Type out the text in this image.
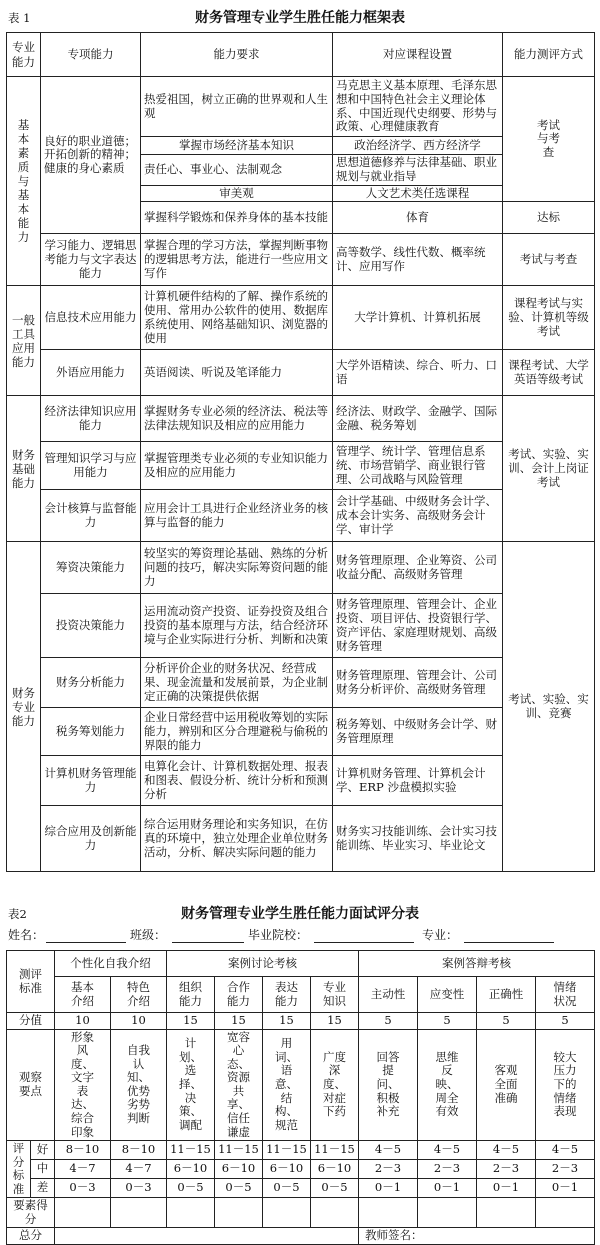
表 1	财务管理专业学生胜任能力框架表
专业能力	专项能力	能力要求	对应课程设置	能力测评方式

基本素质与基本能力	良好的职业道德；开拓创新的精神；健康的身心素质	热爱祖国，树立正确的世界观和人生观	马克思主义基本原理、毛泽东思想和中国特色社会主义理论体系、中国近现代史纲要、形势与政策、心理健康教育	考试与考查

		掌握市场经济基本知识	政治经济学、西方经济学	
		责任心、事业心、法制观念	思想道德修养与法律基础、职业规划与就业指导	
		审美观	人文艺术类任选课程	
		掌握科学锻炼和保养身体的基本技能	体育	达标
	学习能力、逻辑思考能力与文字表达能力	掌握合理的学习方法，掌握判断事物的逻辑思考方法，能进行一些应用文写作	高等数学、线性代数、概率统计、应用写作	考试与考查

一般工具应用能力	信息技术应用能力	计算机硬件结构的了解、操作系统的使用、常用办公软件的使用、数据库系统使用、网络基础知识、浏览器的使用	大学计算机、计算机拓展	课程考试与实验、计算机等级考试
	外语应用能力	英语阅读、听说及笔译能力	大学外语精读、综合、听力、口语	课程考试、大学英语等级考试

财务基础能力	经济法律知识应用能力	掌握财务专业必须的经济法、税法等法律法规知识及相应的应用能力	经济法、财政学、金融学、国际金融、税务筹划	考试、实验、实训、会计上岗证考试
	管理知识学习与应用能力	掌握管理类专业必须的专业知识能力及相应的应用能力	管理学、统计学、管理信息系统、市场营销学、商业银行管理、公司战略与风险管理	
	会计核算与监督能力	应用会计工具进行企业经济业务的核算与监督的能力	会计学基础、中级财务会计学、成本会计实务、高级财务会计学、审计学	

财务专业能力	筹资决策能力	较坚实的筹资理论基础、熟练的分析问题的技巧，解决实际筹资问题的能力	财务管理原理、企业筹资、公司收益分配、高级财务管理	考试、实验、实训、竞赛
	投资决策能力	运用流动资产投资、证券投资及组合投资的基本原理与方法，结合经济环境与企业实际进行分析、判断和决策	财务管理原理、管理会计、企业投资、项目评估、投资银行学、资产评估、家庭理财规划、高级财务管理	
	财务分析能力	分析评价企业的财务状况、经营成果、现金流量和发展前景，为企业制定正确的决策提供依据	财务管理原理、管理会计、公司财务分析评价、高级财务管理	
	税务筹划能力	企业日常经营中运用税收筹划的实际能力，辨别和区分合理避税与偷税的界限的能力	税务筹划、中级财务会计学、财务管理原理	
	计算机财务管理能力	电算化会计、计算机数据处理、报表和图表、假设分析、统计分析和预测分析	计算机财务管理、计算机会计学、ERP 沙盘模拟实验	
	综合应用及创新能力	综合运用财务理论和实务知识，在仿真的环境中，独立处理企业单位财务活动，分析、解决实际问题的能力	财务实习技能训练、会计实习技能训练、毕业实习、毕业论文	
表2	财务管理专业学生胜任能力面试评分表
姓名：	班级：	毕业院校：	专业：
测评标准		个性化自我介绍		案例讨论考核				案例答辩考核			

		基本介绍	特色介绍	组织能力	合作能力	表达能力	专业知识	主动性	应变性	正确性	情绪状况

分值		10	10	15	15	15	15	5	5	5	5

观察要点		形象风度、文字表达、综合印象	自我认知、优势劣势判断	计划、选择、决策、调配	宽容心态、资源共享、信任谦虚	用词、语意、结构、规范	广度深度、对症下药	回答提问、积极补充	思维反映、周全有效	客观全面准确	较大压力下的情绪表现

评分标准	好	8－10	8－10	11－15	11－15	11－15	11－15	4－5	4－5	4－5	4－5
	中	4－7	4－7	6－10	6－10	6－10	6－10	2－3	2－3	2－3	2－3
	差	0－3	0－3	0－5	0－5	0－5	0－5	0－1	0－1	0－1	0－1
要素得分											
总分								教师签名：			
